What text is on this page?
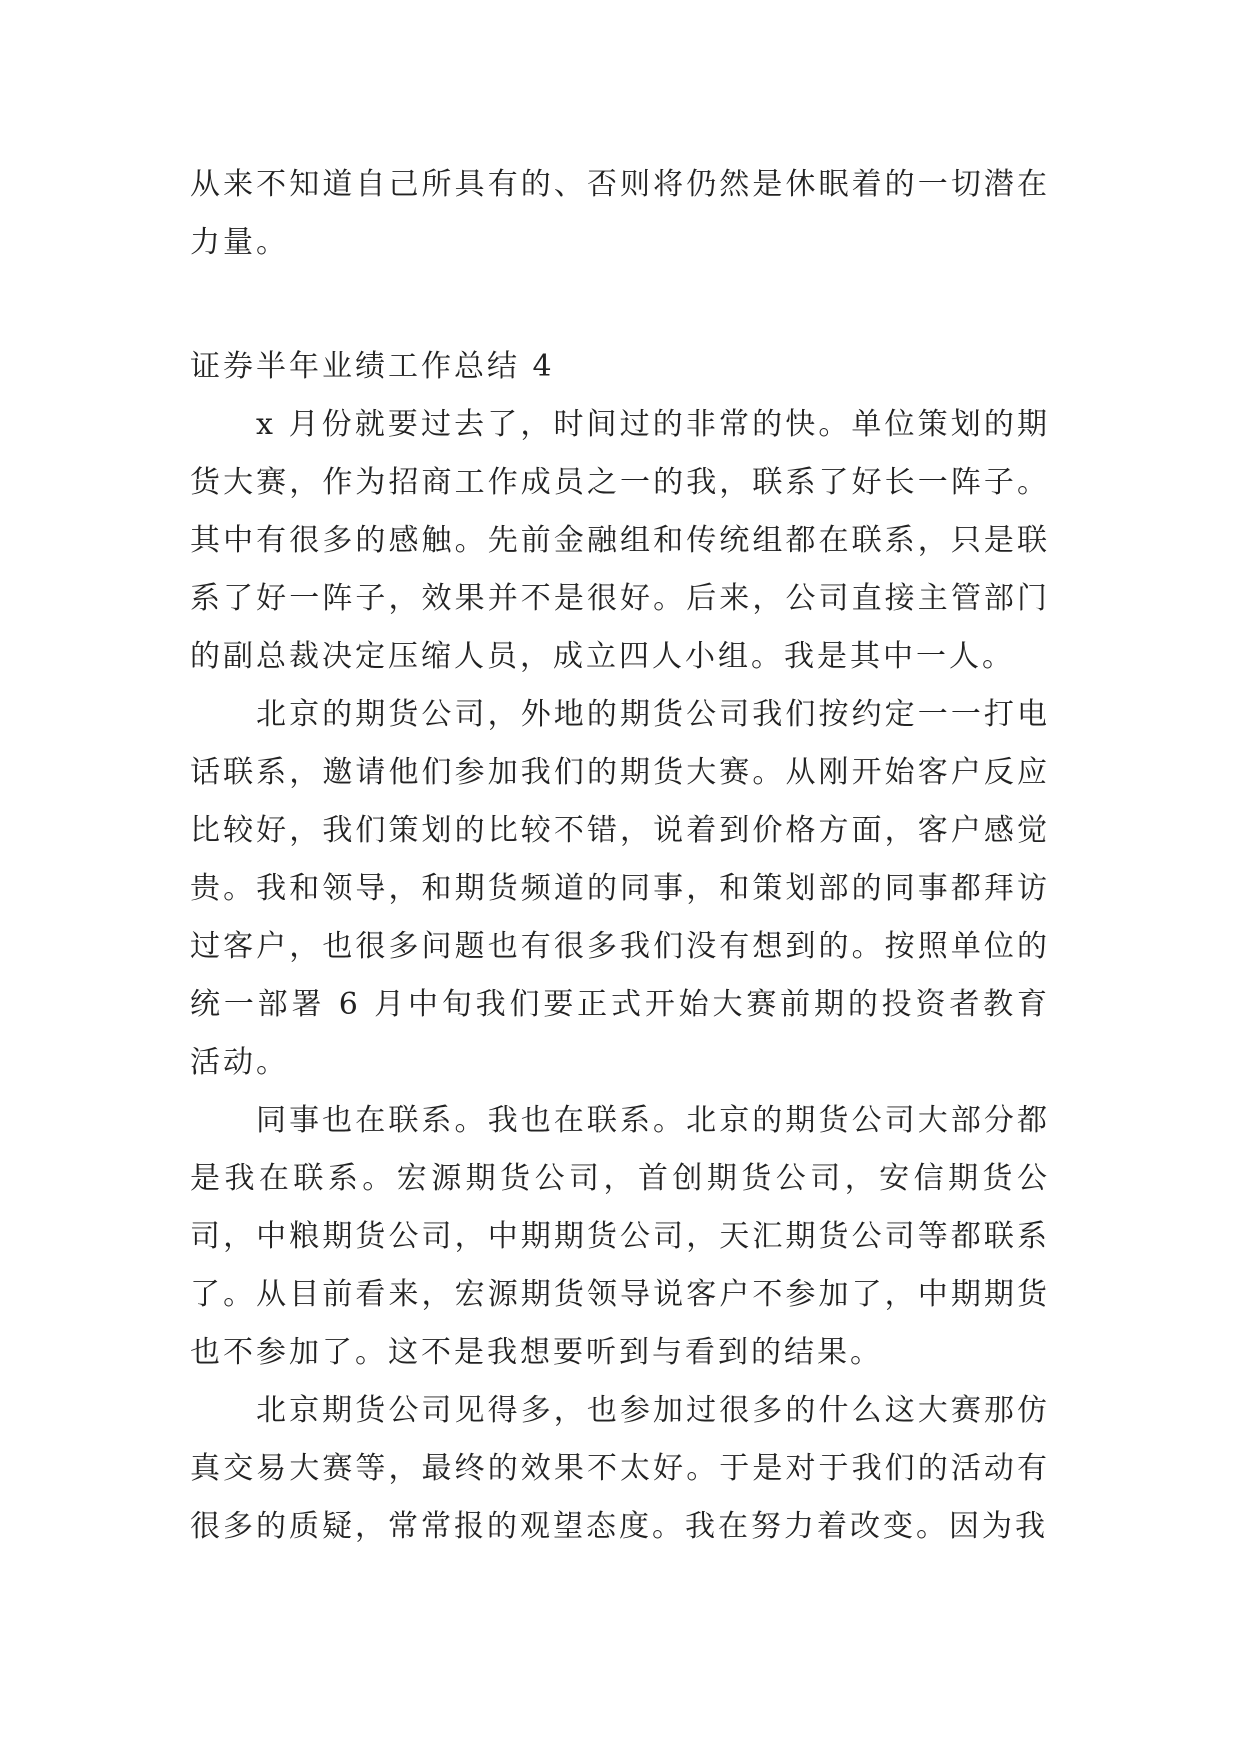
从来不知道自己所具有的、否则将仍然是休眠着的一切潜在力量。

证券半年业绩工作总结 4

x 月份就要过去了，时间过的非常的快。单位策划的期货大赛，作为招商工作成员之一的我，联系了好长一阵子。其中有很多的感触。先前金融组和传统组都在联系，只是联系了好一阵子，效果并不是很好。后来，公司直接主管部门的副总裁决定压缩人员，成立四人小组。我是其中一人。

北京的期货公司，外地的期货公司我们按约定一一打电话联系，邀请他们参加我们的期货大赛。从刚开始客户反应比较好，我们策划的比较不错，说着到价格方面，客户感觉贵。我和领导，和期货频道的同事，和策划部的同事都拜访过客户，也很多问题也有很多我们没有想到的。按照单位的统一部署 6 月中旬我们要正式开始大赛前期的投资者教育活动。

同事也在联系。我也在联系。北京的期货公司大部分都是我在联系。宏源期货公司，首创期货公司，安信期货公司，中粮期货公司，中期期货公司，天汇期货公司等都联系了。从目前看来，宏源期货领导说客户不参加了，中期期货也不参加了。这不是我想要听到与看到的结果。

北京期货公司见得多，也参加过很多的什么这大赛那仿真交易大赛等，最终的效果不太好。于是对于我们的活动有很多的质疑，常常报的观望态度。我在努力着改变。因为我
